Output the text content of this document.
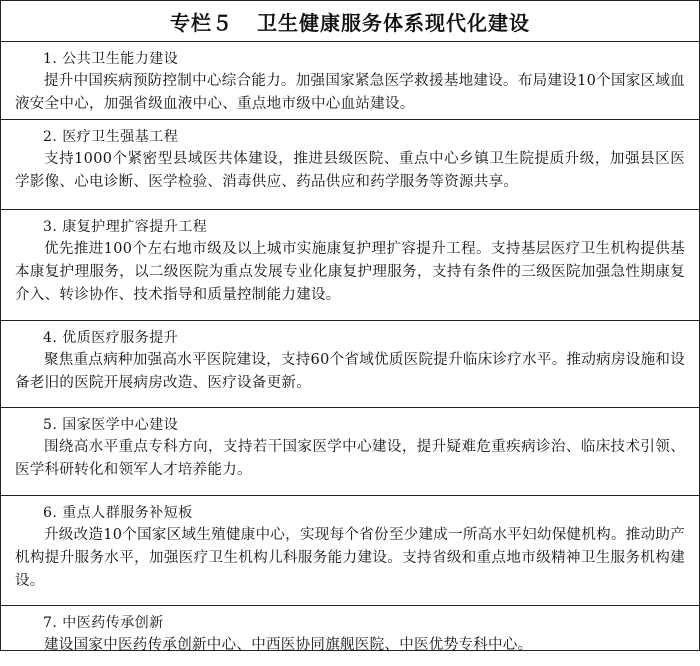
专栏５ 卫生健康服务体系现代化建设
1. 公共卫生能力建设
提升中国疾病预防控制中心综合能力。加强国家紧急医学救援基地建设。布局建设10个国家区域血液安全中心，加强省级血液中心、重点地市级中心血站建设。
2. 医疗卫生强基工程
支持1000个紧密型县域医共体建设，推进县级医院、重点中心乡镇卫生院提质升级，加强县区医学影像、心电诊断、医学检验、消毒供应、药品供应和药学服务等资源共享。
3. 康复护理扩容提升工程
优先推进100个左右地市级及以上城市实施康复护理扩容提升工程。支持基层医疗卫生机构提供基本康复护理服务，以二级医院为重点发展专业化康复护理服务，支持有条件的三级医院加强急性期康复介入、转诊协作、技术指导和质量控制能力建设。
4. 优质医疗服务提升
聚焦重点病种加强高水平医院建设，支持60个省域优质医院提升临床诊疗水平。推动病房设施和设备老旧的医院开展病房改造、医疗设备更新。
5. 国家医学中心建设
围绕高水平重点专科方向，支持若干国家医学中心建设，提升疑难危重疾病诊治、临床技术引领、医学科研转化和领军人才培养能力。
6. 重点人群服务补短板
升级改造10个国家区域生殖健康中心，实现每个省份至少建成一所高水平妇幼保健机构。推动助产机构提升服务水平，加强医疗卫生机构儿科服务能力建设。支持省级和重点地市级精神卫生服务机构建设。
7. 中医药传承创新
建设国家中医药传承创新中心、中西医协同旗舰医院、中医优势专科中心。
